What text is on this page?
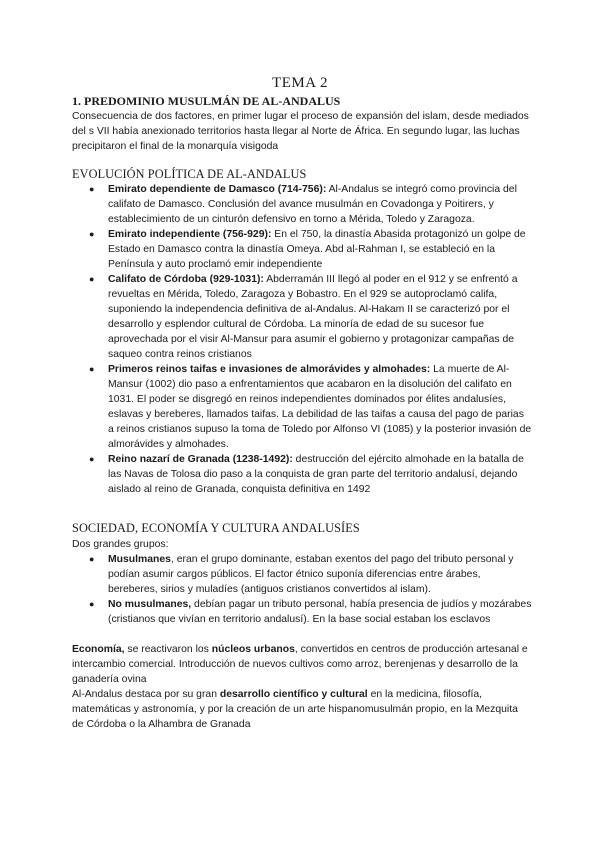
TEMA 2

1. PREDOMINIO MUSULMÁN DE AL-ANDALUS

Consecuencia de dos factores, en primer lugar el proceso de expansión del islam, desde mediados del s VII había anexionado territorios hasta llegar al Norte de África. En segundo lugar, las luchas precipitaron el final de la monarquía visigoda

EVOLUCIÓN POLÍTICA DE AL-ANDALUS

● Emirato dependiente de Damasco (714-756): Al-Andalus se integró como provincia del califato de Damasco. Conclusión del avance musulmán en Covadonga y Poitirers, y establecimiento de un cinturón defensivo en torno a Mérida, Toledo y Zaragoza.
● Emirato independiente (756-929): En el 750, la dinastía Abasida protagonizó un golpe de Estado en Damasco contra la dinastía Omeya. Abd al-Rahman I, se estableció en la Península y auto proclamó emir independiente
● Califato de Córdoba (929-1031): Abderramán III llegó al poder en el 912 y se enfrentó a revueltas en Mérida, Toledo, Zaragoza y Bobastro. En el 929 se autoproclamó califa, suponiendo la independencia definitiva de al-Andalus. Al-Hakam II se caracterizó por el desarrollo y esplendor cultural de Córdoba. La minoría de edad de su sucesor fue aprovechada por el visir Al-Mansur para asumir el gobierno y protagonizar campañas de saqueo contra reinos cristianos
● Primeros reinos taifas e invasiones de almorávides y almohades: La muerte de Al-Mansur (1002) dio paso a enfrentamientos que acabaron en la disolución del califato en 1031. El poder se disgregó en reinos independientes dominados por élites andalusíes, eslavas y bereberes, llamados taifas. La debilidad de las taifas a causa del pago de parias a reinos cristianos supuso la toma de Toledo por Alfonso VI (1085) y la posterior invasión de almorávides y almohades.
● Reino nazarí de Granada (1238-1492): destrucción del ejército almohade en la batalla de las Navas de Tolosa dio paso a la conquista de gran parte del territorio andalusí, dejando aislado al reino de Granada, conquista definitiva en 1492

SOCIEDAD, ECONOMÍA Y CULTURA ANDALUSÍES

Dos grandes grupos:

● Musulmanes, eran el grupo dominante, estaban exentos del pago del tributo personal y podían asumir cargos públicos. El factor étnico suponía diferencias entre árabes, bereberes, sirios y muladíes (antiguos cristianos convertidos al islam).
● No musulmanes, debían pagar un tributo personal, había presencia de judíos y mozárabes (cristianos que vivían en territorio andalusí). En la base social estaban los esclavos

Economía, se reactivaron los núcleos urbanos, convertidos en centros de producción artesanal e intercambio comercial. Introducción de nuevos cultivos como arroz, berenjenas y desarrollo de la ganadería ovina

Al-Andalus destaca por su gran desarrollo científico y cultural en la medicina, filosofía, matemáticas y astronomía, y por la creación de un arte hispanomusulmán propio, en la Mezquita de Córdoba o la Alhambra de Granada
